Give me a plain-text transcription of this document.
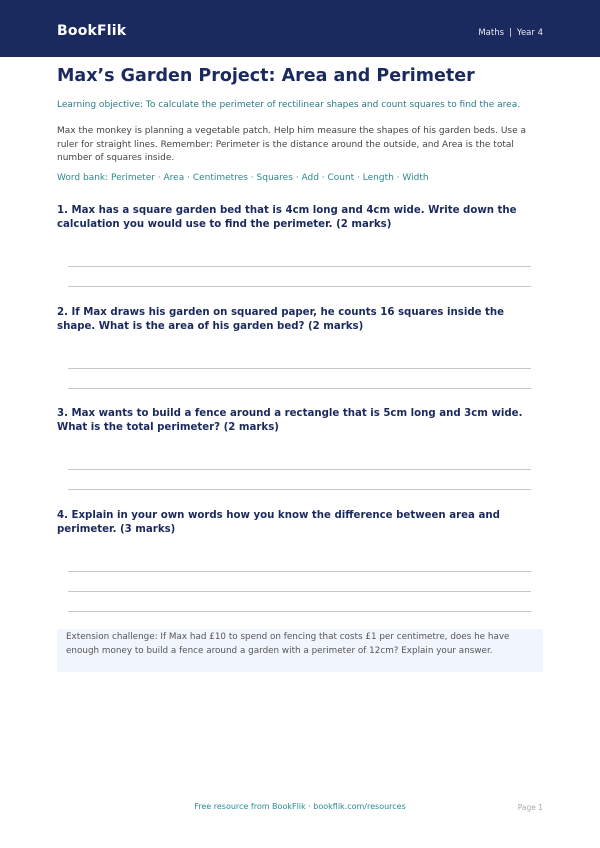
BookFlik	Maths | Year 4
Max’s Garden Project: Area and Perimeter
Learning objective: To calculate the perimeter of rectilinear shapes and count squares to find the area.
Max the monkey is planning a vegetable patch. Help him measure the shapes of his garden beds. Use a ruler for straight lines. Remember: Perimeter is the distance around the outside, and Area is the total number of squares inside.
Word bank: Perimeter · Area · Centimetres · Squares · Add · Count · Length · Width
1. Max has a square garden bed that is 4cm long and 4cm wide. Write down the calculation you would use to find the perimeter. (2 marks)
2. If Max draws his garden on squared paper, he counts 16 squares inside the shape. What is the area of his garden bed? (2 marks)
3. Max wants to build a fence around a rectangle that is 5cm long and 3cm wide. What is the total perimeter? (2 marks)
4. Explain in your own words how you know the difference between area and perimeter. (3 marks)
Extension challenge: If Max had £10 to spend on fencing that costs £1 per centimetre, does he have enough money to build a fence around a garden with a perimeter of 12cm? Explain your answer.
Free resource from BookFlik · bookflik.com/resources	Page 1
